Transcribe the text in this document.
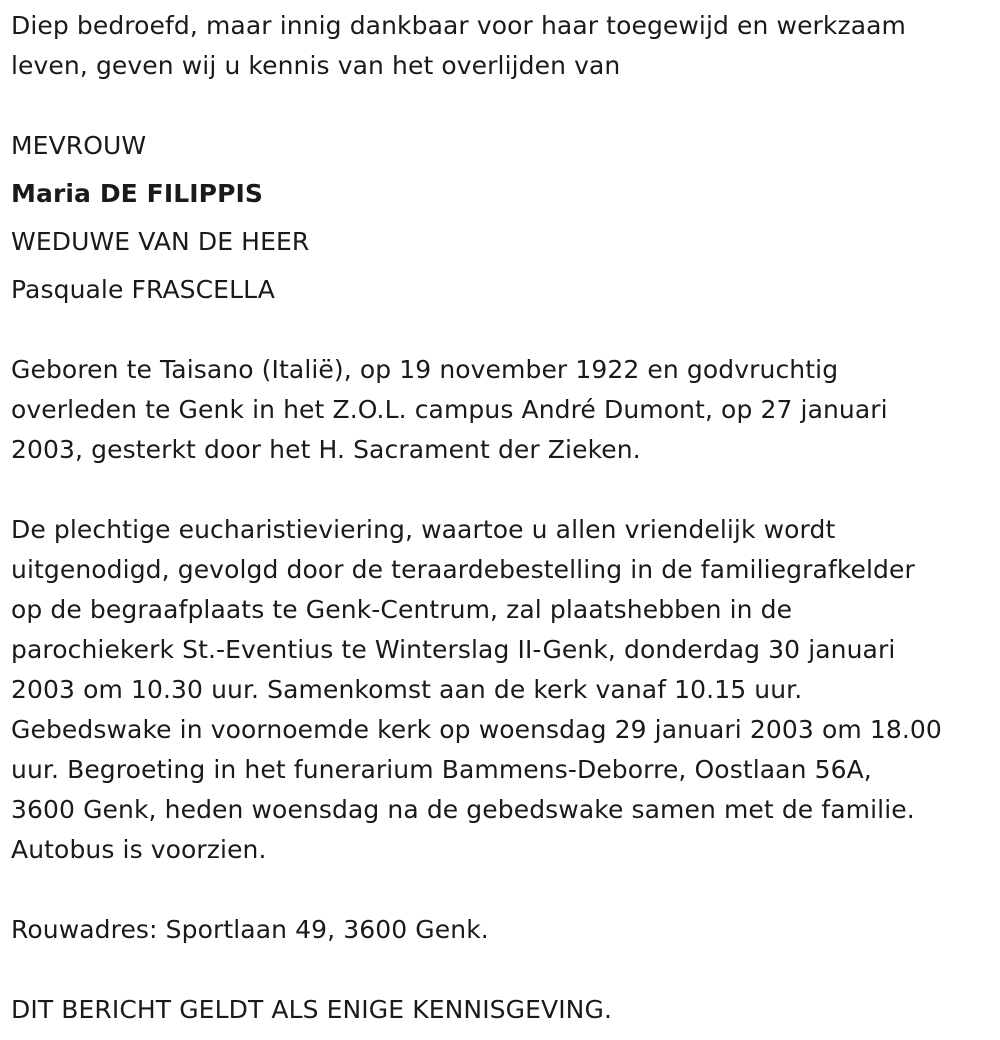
Diep bedroefd, maar innig dankbaar voor haar toegewijd en werkzaam
leven, geven wij u kennis van het overlijden van
MEVROUW
Maria DE FILIPPIS
WEDUWE VAN DE HEER
Pasquale FRASCELLA
Geboren te Taisano (Italië), op 19 november 1922 en godvruchtig
overleden te Genk in het Z.O.L. campus André Dumont, op 27 januari
2003, gesterkt door het H. Sacrament der Zieken.
De plechtige eucharistieviering, waartoe u allen vriendelijk wordt
uitgenodigd, gevolgd door de teraardebestelling in de familiegrafkelder
op de begraafplaats te Genk-Centrum, zal plaatshebben in de
parochiekerk St.-Eventius te Winterslag II-Genk, donderdag 30 januari
2003 om 10.30 uur. Samenkomst aan de kerk vanaf 10.15 uur.
Gebedswake in voornoemde kerk op woensdag 29 januari 2003 om 18.00
uur. Begroeting in het funerarium Bammens-Deborre, Oostlaan 56A,
3600 Genk, heden woensdag na de gebedswake samen met de familie.
Autobus is voorzien.
Rouwadres: Sportlaan 49, 3600 Genk.
DIT BERICHT GELDT ALS ENIGE KENNISGEVING.
